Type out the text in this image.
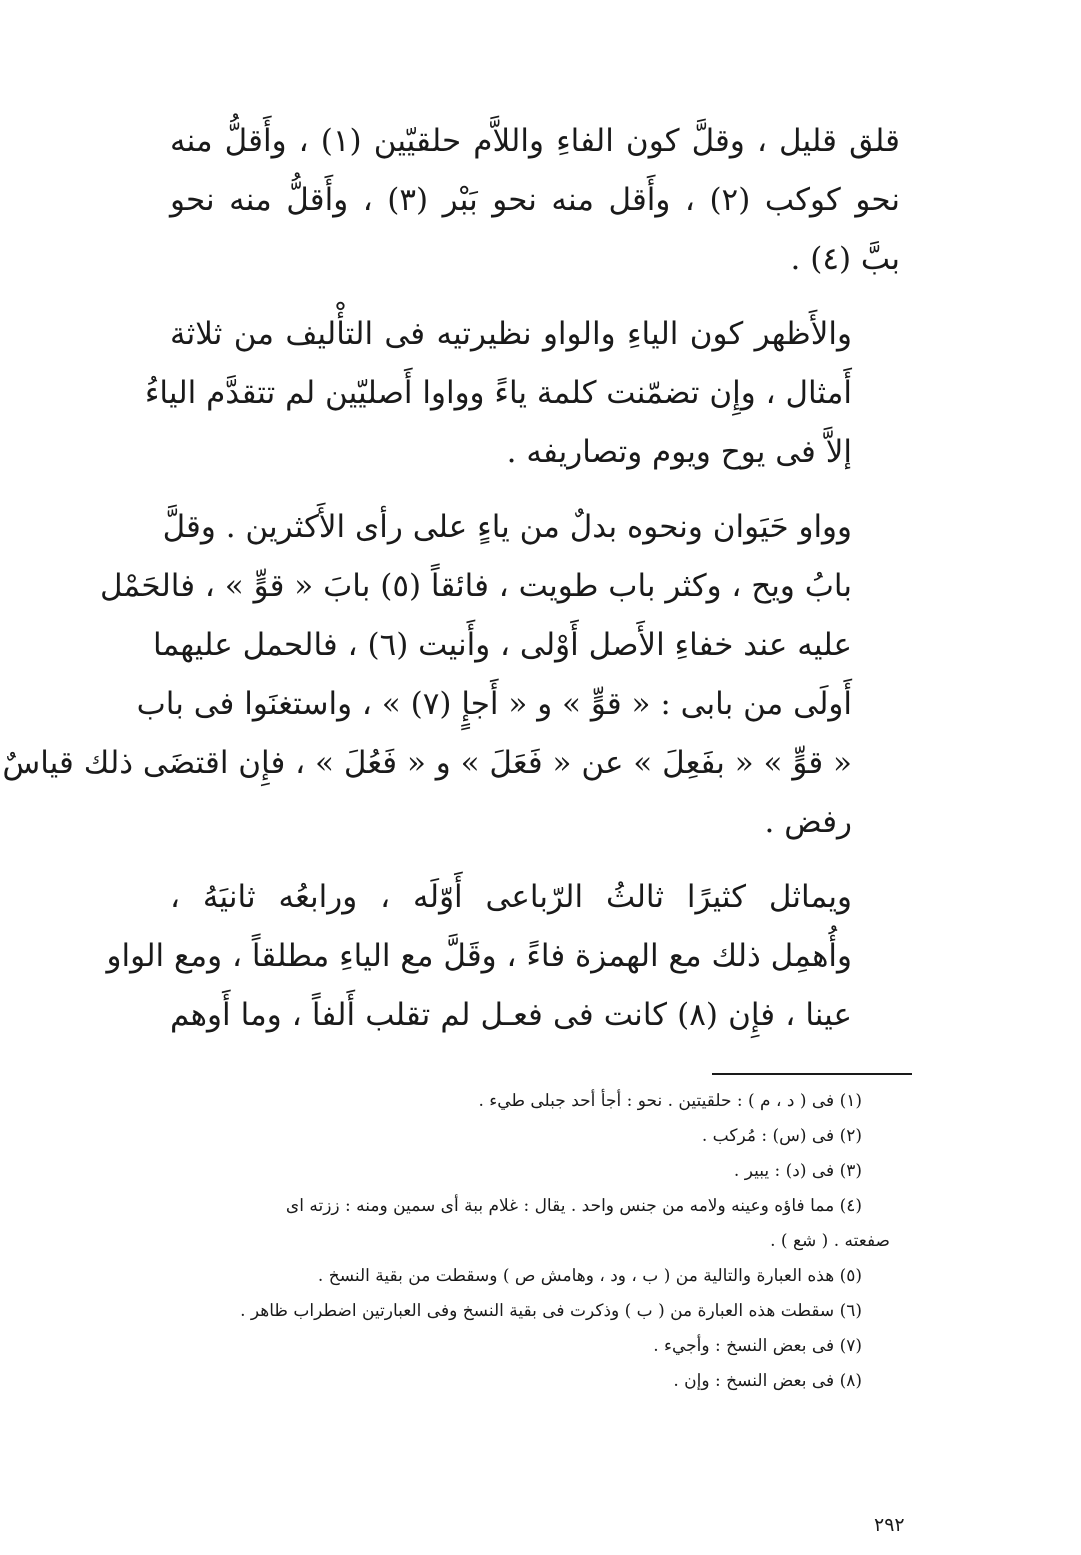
قلق قليل ، وقلَّ كون الفاءِ واللاَّم حلقيّين (١) ، وأَقلُّ منه
نحو كوكب (٢) ، وأَقل منه نحو بَبْر (٣) ، وأَقلُّ منه نحو
ببَّ (٤) .
والأَظهر كون الياءِ والواو نظيرتيه فى التأْليف من ثلاثة
أَمثال ، وإِن تضمّنت كلمة ياءً وواوا أَصليّين لم تتقدَّم الياءُ
إلاَّ فى يوح ويوم وتصاريفه .
وواو حَيَوان ونحوه بدلٌ من ياءٍ على رأى الأَكثرين . وقلَّ
بابُ ويح ، وكثر باب طويت ، فائقاً (٥) بابَ « قوٍّ » ، فالحَمْل
عليه عند خفاءِ الأَصل أَوْلى ، وأَنيت (٦) ، فالحمل عليهما
أَولَى من بابى : « قوٍّ » و « أَجإٍ (٧) » ، واستغنَوا فى باب
« قوٍّ » « بفَعِلَ » عن « فَعَلَ » و « فَعُلَ » ، فإِن اقتضَى ذلك قياسٌ
رفض .
ويماثل كثيرًا ثالثُ الرّباعى أَوّلَه ، ورابعُه ثانيَهُ ،
وأُهمِل ذلك مع الهمزة فاءً ، وقَلَّ مع الياءِ مطلقاً ، ومع الواو
عينا ، فإِن (٨) كانت فى فعـل لم تقلب أَلفاً ، وما أَوهم

(١) فى ( د ، م ) : حلقيتين . نحو : أجأ أحد جبلى طيء .

(٢) فى (س) : مُركب .

(٣) فى (د) : يبير .

(٤) مما فاؤه وعينه ولامه من جنس واحد . يقال : غلام ببة أى سمين ومنه : ززته اى

صفعته . ( شع ) .

(٥) هذه العبارة والتالية من ( ب ، ود ، وهامش ص ) وسقطت من بقية النسخ .

(٦) سقطت هذه العبارة من ( ب ) وذكرت فى بقية النسخ وفى العبارتين اضطراب ظاهر .

(٧) فى بعض النسخ : وأجيء .

(٨) فى بعض النسخ : وإن .

٢٩٢
